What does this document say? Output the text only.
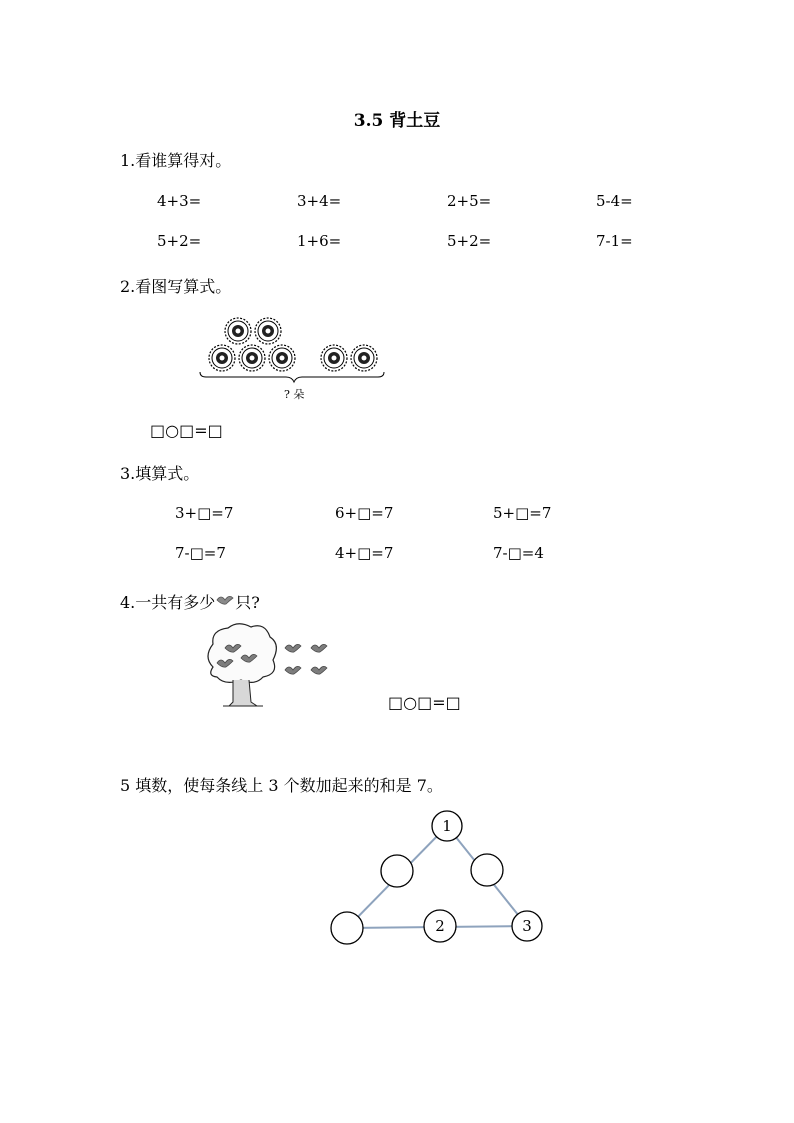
3.5 背土豆
1.看谁算得对。
4+3=	3+4=	2+5=	5-4=
5+2=	1+6=	5+2=	7-1=
2.看图写算式。
? 朵
□○□=□
3.填算式。
3+□=7	6+□=7	5+□=7
7-□=7	4+□=7	7-□=4
4.一共有多少 只?
□○□=□
5 填数，使每条线上 3 个数加起来的和是 7。
1
2	3
